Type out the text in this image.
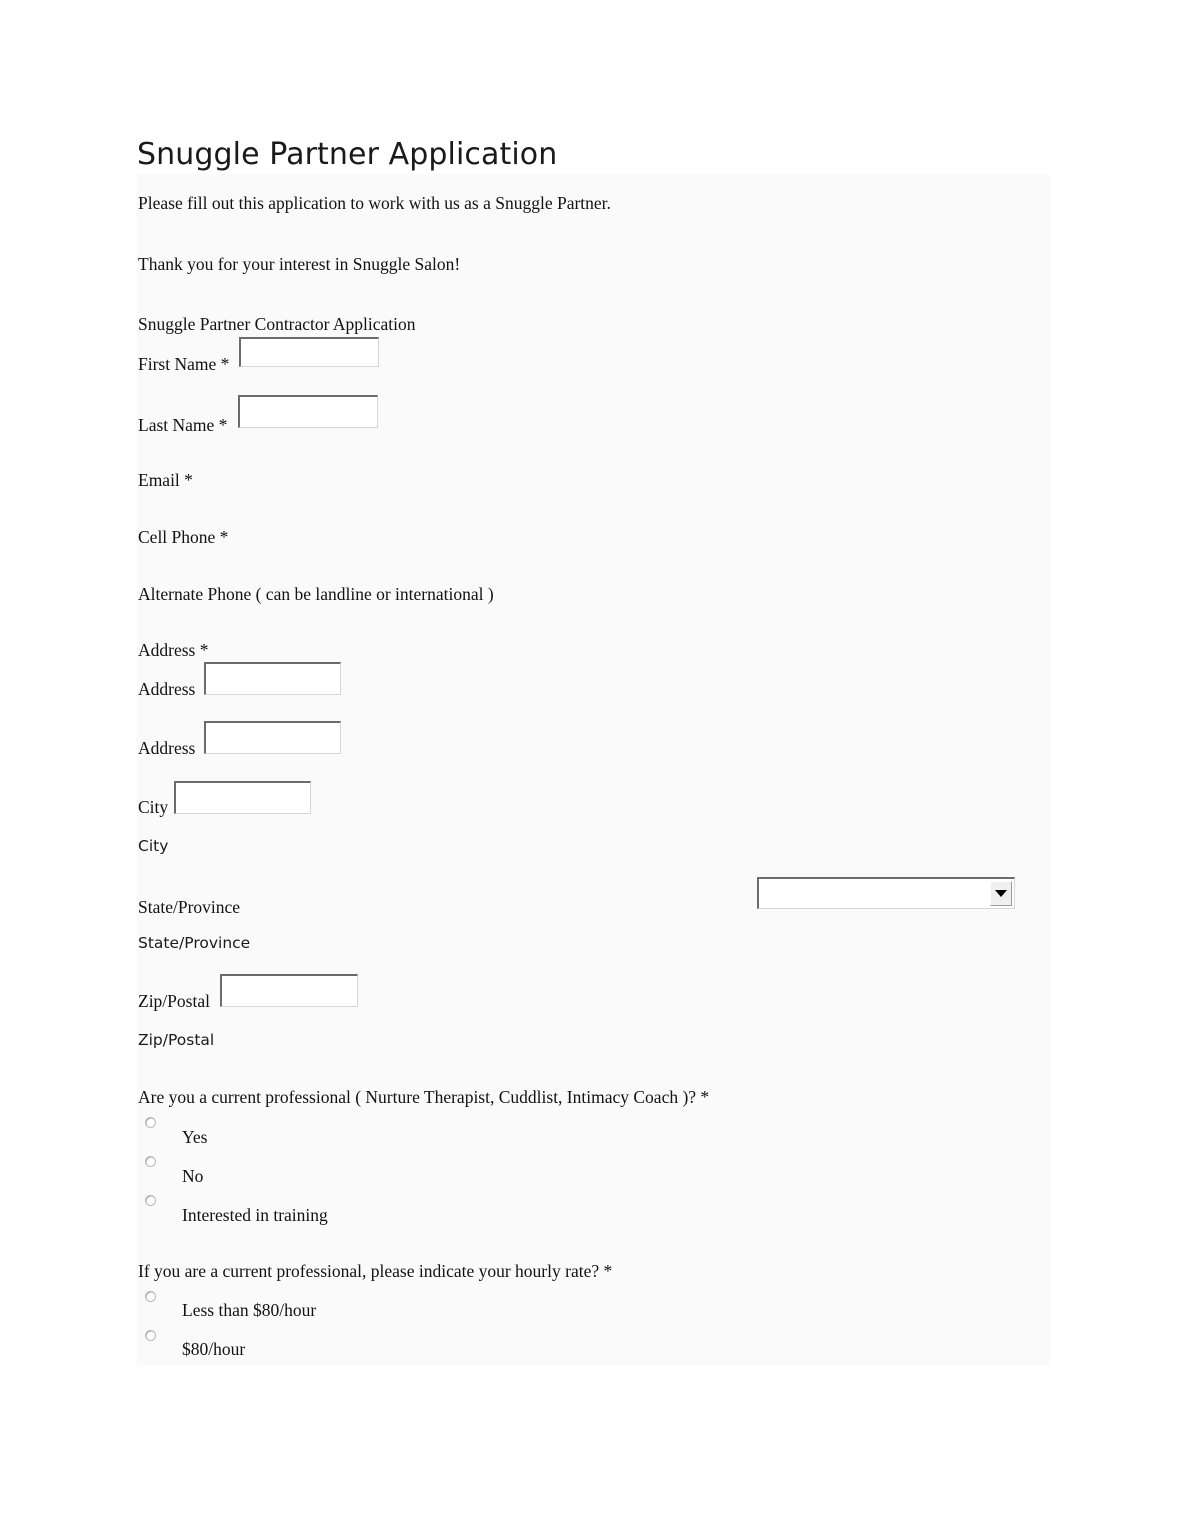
Snuggle Partner Application
Please fill out this application to work with us as a Snuggle Partner.
Thank you for your interest in Snuggle Salon!
Snuggle Partner Contractor Application
First Name *
Last Name *
Email *
Cell Phone *
Alternate Phone ( can be landline or international )
Address *
Address
Address
City
City
State/Province
State/Province
Zip/Postal
Zip/Postal
Are you a current professional ( Nurture Therapist, Cuddlist, Intimacy Coach )? *
Yes
No
Interested in training
If you are a current professional, please indicate your hourly rate? *
Less than $80/hour
$80/hour
